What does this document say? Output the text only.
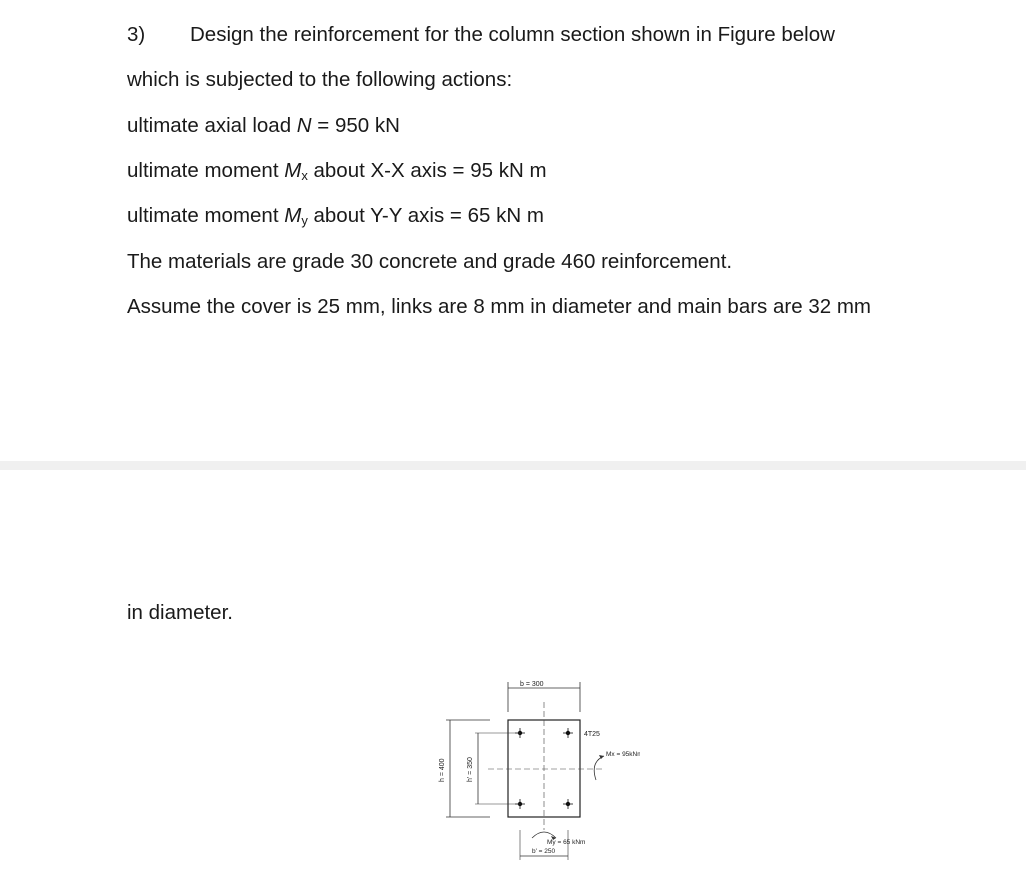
3) Design the reinforcement for the column section shown in Figure below
which is subjected to the following actions:
ultimate axial load N = 950 kN
ultimate moment $M_x$ about X-X axis = 95 kN m
ultimate moment $M_y$ about Y-Y axis = 65 kN m
The materials are grade 30 concrete and grade 460 reinforcement.
Assume the cover is 25 mm, links are 8 mm in diameter and main bars are 32 mm
in diameter.
b = 300
h = 400	h' = 350
4T25
Mx = 95kNm
My = 65 kNm
b' = 250
